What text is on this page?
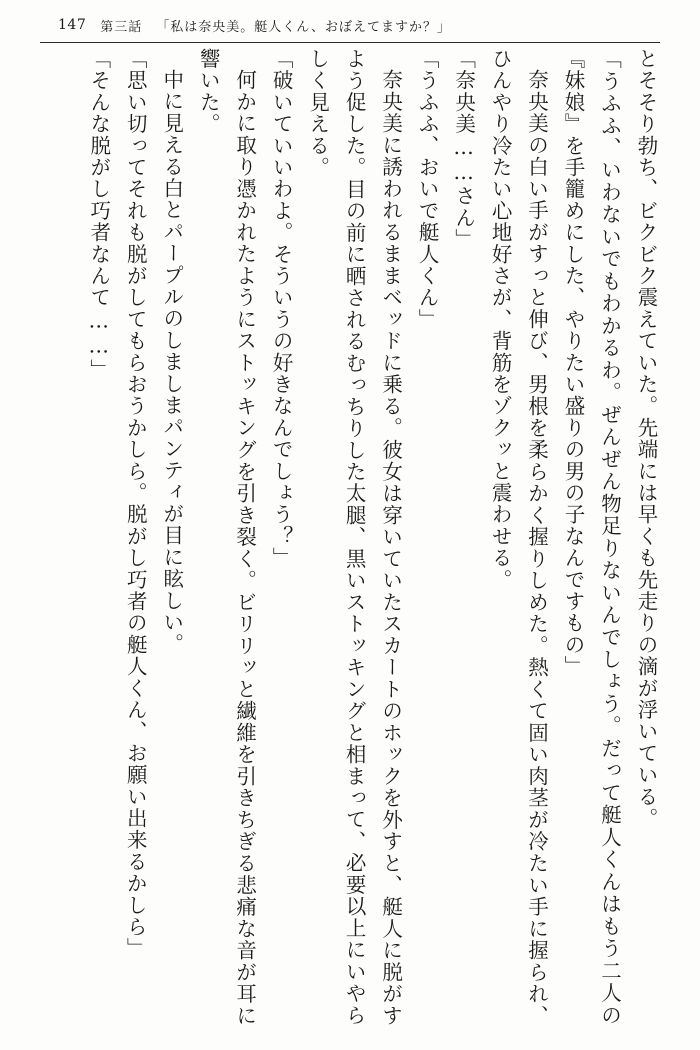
147 第三話 「私は奈央美。艇人くん、おぼえてますか？」

とそそり勃ち、ビクビク震えていた。先端には早くも先走りの滴が浮いている。

「うふふ、いわないでもわかるわ。ぜんぜん物足りないんでしょう。だって艇人くんはもう二人の『妹娘』を手籠めにした、やりたい盛りの男の子なんですもの」

奈央美の白い手がすっと伸び、男根を柔らかく握りしめた。熱くて固い肉茎が冷たい手に握られ、ひんやり冷たい心地好さが、背筋をゾクッと震わせる。

「奈央美……さん」

「うふふ、おいで艇人くん」

奈央美に誘われるままベッドに乗る。彼女は穿いていたスカートのホックを外すと、艇人に脱がすよう促した。目の前に晒されるむっちりした太腿、黒いストッキングと相まって、必要以上にいやらしく見える。

「破いていいわよ。そういうの好きなんでしょう？」

何かに取り憑かれたようにストッキングを引き裂く。ビリリッと繊維を引きちぎる悲痛な音が耳に響いた。

中に見える白とパープルのしましまパンティが目に眩しい。

「思い切ってそれも脱がしてもらおうかしら。脱がし巧者の艇人くん、お願い出来るかしら」

「そんな脱がし巧者なんて……」
